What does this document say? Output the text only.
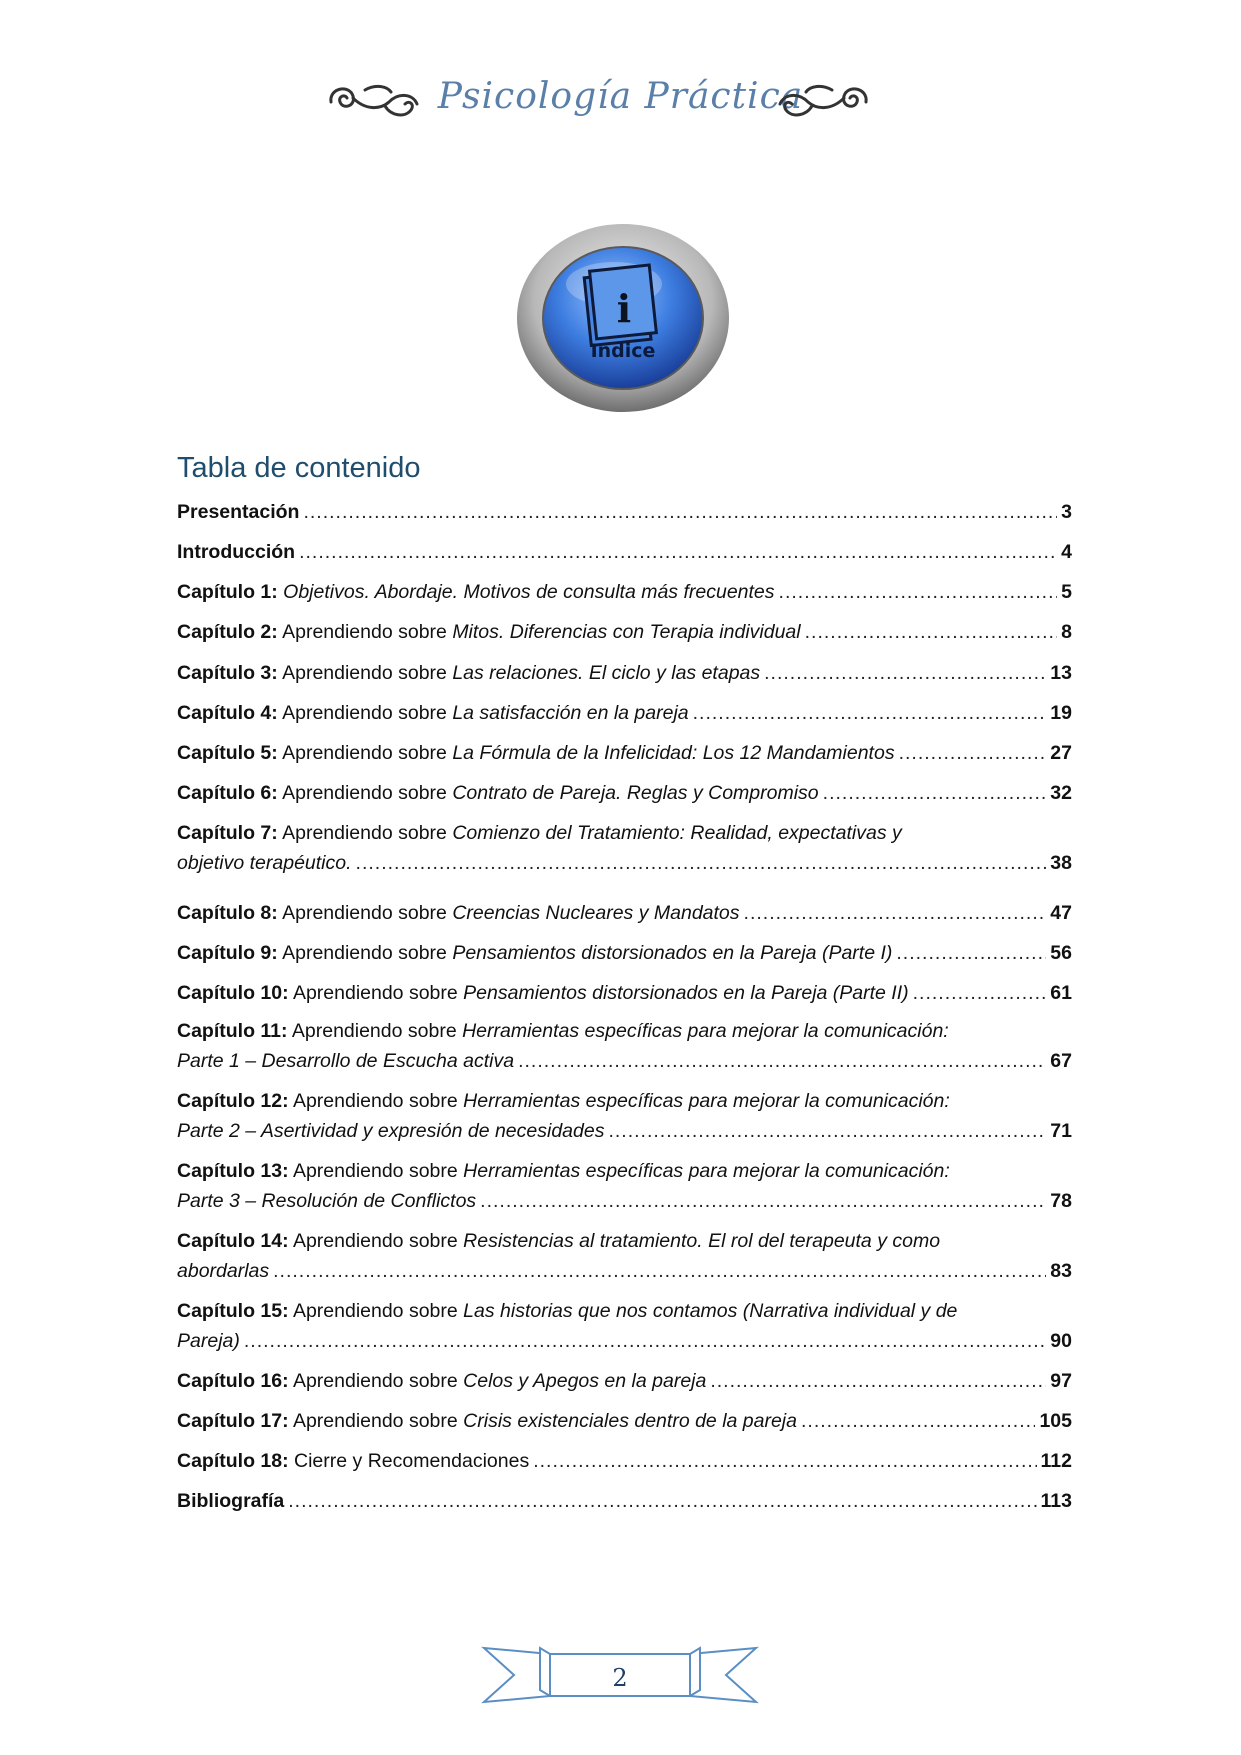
Psicología Práctica
i
Indice
Tabla de contenido
Presentación .....	3
Introducción .....	4
Capítulo 1: Objetivos. Abordaje. Motivos de consulta más frecuentes .....	5
Capítulo 2: Aprendiendo sobre Mitos. Diferencias con Terapia individual .....	8
Capítulo 3: Aprendiendo sobre Las relaciones. El ciclo y las etapas .....	13
Capítulo 4: Aprendiendo sobre La satisfacción en la pareja .....	19
Capítulo 5: Aprendiendo sobre La Fórmula de la Infelicidad: Los 12 Mandamientos .....	27
Capítulo 6: Aprendiendo sobre Contrato de Pareja. Reglas y Compromiso .....	32
Capítulo 7: Aprendiendo sobre Comienzo del Tratamiento: Realidad, expectativas y
objetivo terapéutico. .....	38
Capítulo 8: Aprendiendo sobre Creencias Nucleares y Mandatos .....	47
Capítulo 9: Aprendiendo sobre Pensamientos distorsionados en la Pareja (Parte I) .....	56
Capítulo 10: Aprendiendo sobre Pensamientos distorsionados en la Pareja (Parte II) .....	61
Capítulo 11: Aprendiendo sobre Herramientas específicas para mejorar la comunicación:
Parte 1 – Desarrollo de Escucha activa .....	67
Capítulo 12: Aprendiendo sobre Herramientas específicas para mejorar la comunicación:
Parte 2 – Asertividad y expresión de necesidades .....	71
Capítulo 13: Aprendiendo sobre Herramientas específicas para mejorar la comunicación:
Parte 3 – Resolución de Conflictos .....	78
Capítulo 14: Aprendiendo sobre Resistencias al tratamiento. El rol del terapeuta y como
abordarlas .....	83
Capítulo 15: Aprendiendo sobre Las historias que nos contamos (Narrativa individual y de
Pareja) .....	90
Capítulo 16: Aprendiendo sobre Celos y Apegos en la pareja .....	97
Capítulo 17: Aprendiendo sobre Crisis existenciales dentro de la pareja .....	105
Capítulo 18: Cierre y Recomendaciones .....	112
Bibliografía .....	113
2
